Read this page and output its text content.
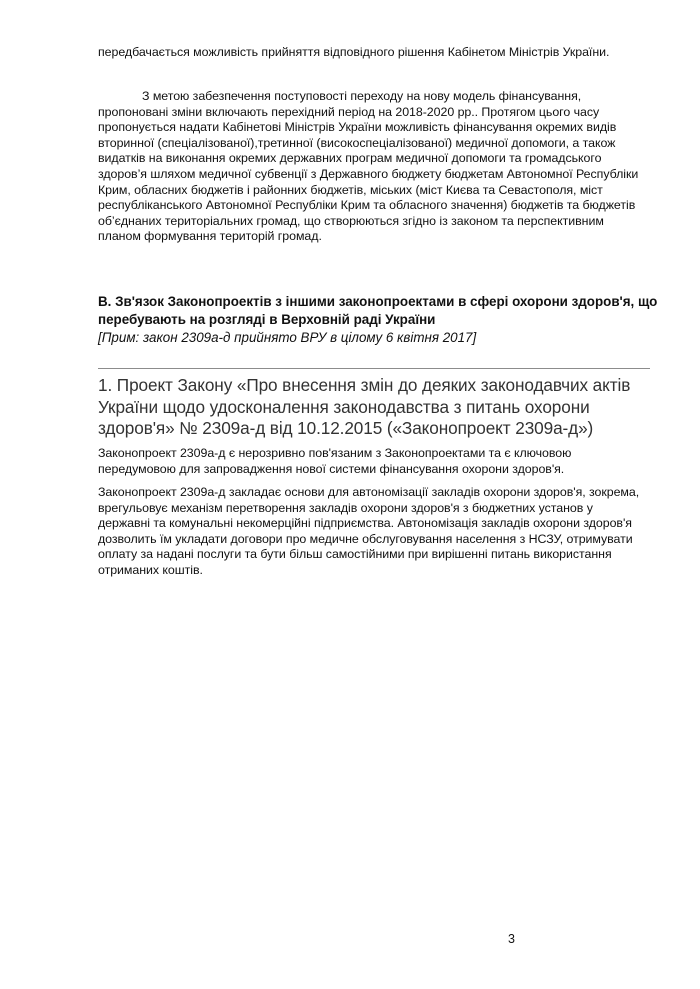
передбачається можливість прийняття відповідного рішення Кабінетом Міністрів України.

З метою забезпечення поступовості переходу на нову модель фінансування, пропоновані зміни включають перехідний період на 2018-2020 рр.. Протягом цього часу пропонується надати Кабінетові Міністрів України можливість фінансування окремих видів вторинної (спеціалізованої),третинної (високоспеціалізованої) медичної допомоги, а також видатків на виконання окремих державних програм медичної допомоги та громадського здоров’я шляхом медичної субвенції з Державного бюджету бюджетам Автономної Республіки Крим, обласних бюджетів і районних бюджетів, міських (міст Києва та Севастополя, міст республіканського Автономної Республіки Крим та обласного значення) бюджетів та бюджетів об’єднаних територіальних громад, що створюються згідно із законом та перспективним планом формування територій громад.

В. Зв'язок Законопроектів з іншими законопроектами в сфері охорони здоров'я, що перебувають на розгляді в Верховній раді України
[Прим: закон 2309а-д прийнято ВРУ в цілому 6 квітня 2017]
1. Проект Закону «Про внесення змін до деяких законодавчих актів України щодо удосконалення законодавства з питань охорони здоров'я» № 2309а-д від 10.12.2015 («Законопроект 2309а-д»)

Законопроект 2309а-д є нерозривно пов'язаним з Законопроектами та є ключовою передумовою для запровадження нової системи фінансування охорони здоров'я.

Законопроект 2309а-д закладає основи для автономізації закладів охорони здоров'я, зокрема, врегульовує механізм перетворення закладів охорони здоров'я з бюджетних установ у державні та комунальні некомерційні підприємства. Автономізація закладів охорони здоров'я дозволить їм укладати договори про медичне обслуговування населення з НСЗУ, отримувати оплату за надані послуги та бути більш самостійними при вирішенні питань використання отриманих коштів.

3
